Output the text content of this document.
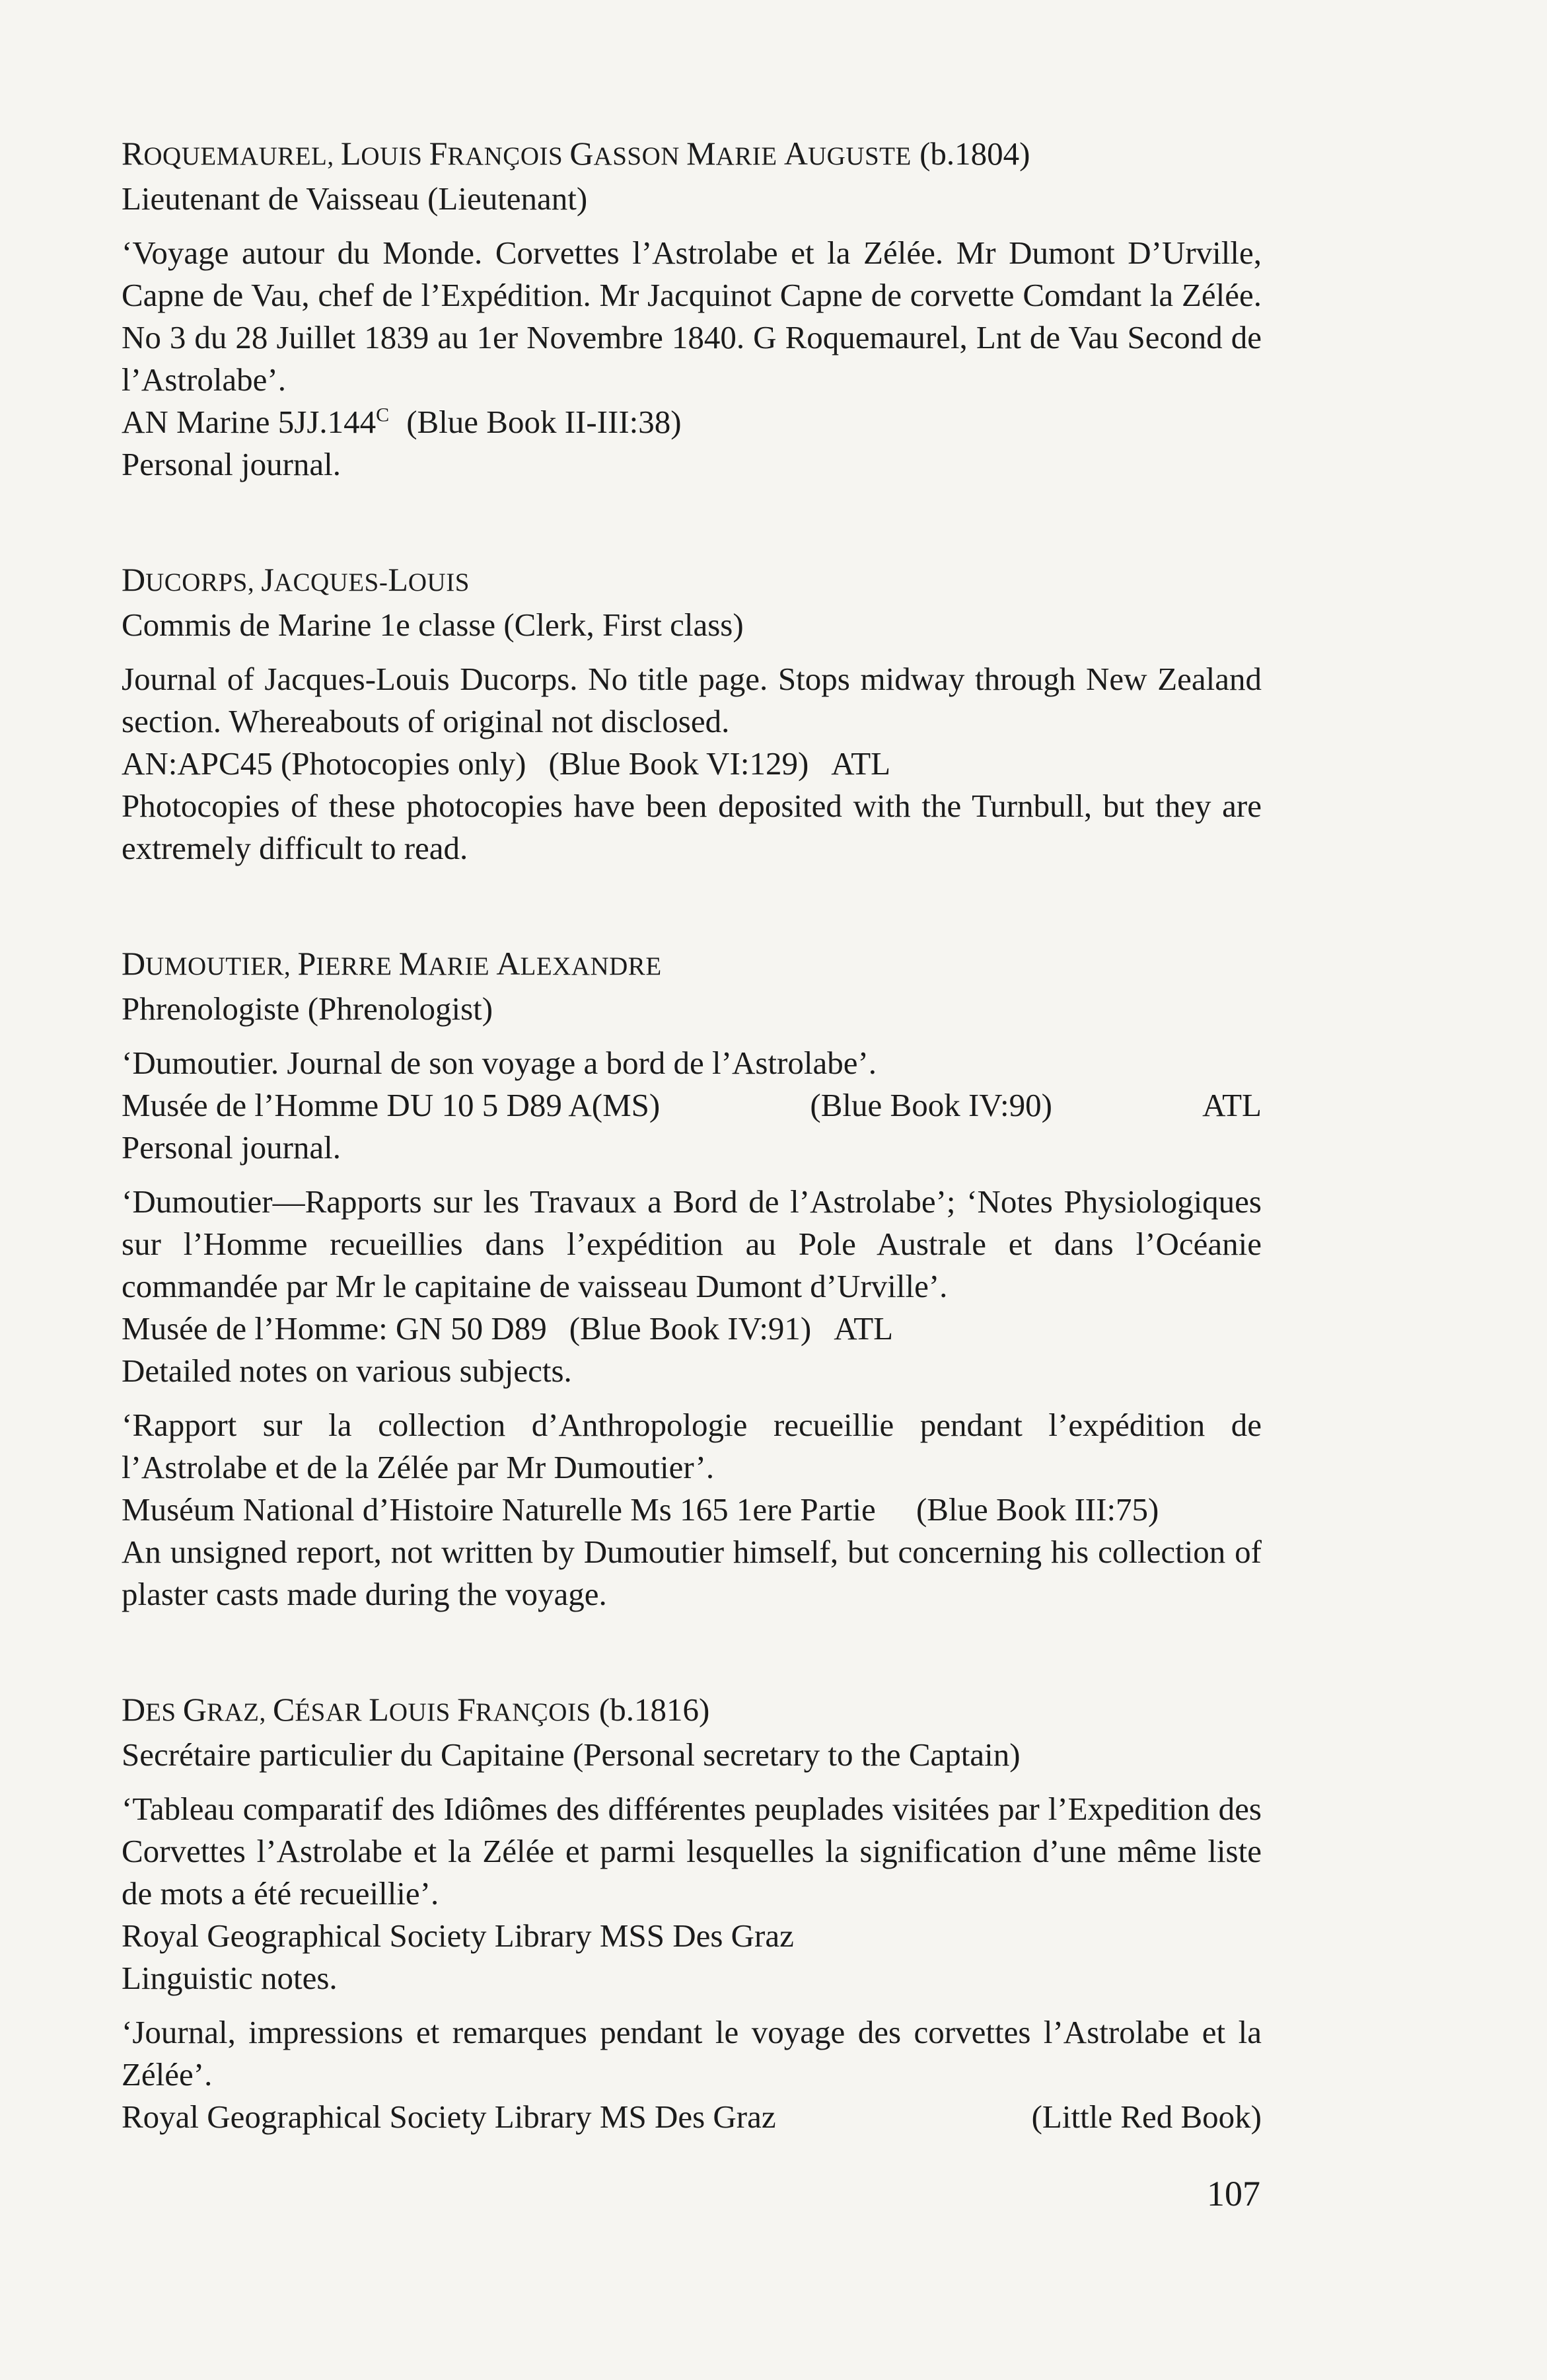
ROQUEMAUREL, LOUIS FRANÇOIS GASSON MARIE AUGUSTE (b.1804)
Lieutenant de Vaisseau (Lieutenant)
‘Voyage autour du Monde. Corvettes l’Astrolabe et la Zélée. Mr Dumont D’Urville, Capne de Vau, chef de l’Expédition. Mr Jacquinot Capne de corvette Comdant la Zélée. No 3 du 28 Juillet 1839 au 1er Novembre 1840. G Roquemaurel, Lnt de Vau Second de l’Astrolabe’.
AN Marine $5JJ.144^C$ (Blue Book II-III:38)
Personal journal.
DUCORPS, JACQUES-LOUIS
Commis de Marine 1e classe (Clerk, First class)
Journal of Jacques-Louis Ducorps. No title page. Stops midway through New Zealand section. Whereabouts of original not disclosed.
AN:APC45 (Photocopies only) (Blue Book VI:129) ATL
Photocopies of these photocopies have been deposited with the Turnbull, but they are extremely difficult to read.
DUMOUTIER, PIERRE MARIE ALEXANDRE
Phrenologiste (Phrenologist)
‘Dumoutier. Journal de son voyage a bord de l’Astrolabe’.
Musée de l’Homme DU 10 5 D89 A(MS)	(Blue Book IV:90)	ATL
Personal journal.
‘Dumoutier—Rapports sur les Travaux a Bord de l’Astrolabe’; ‘Notes Physiologiques sur l’Homme recueillies dans l’expédition au Pole Australe et dans l’Océanie commandée par Mr le capitaine de vaisseau Dumont d’Urville’.
Musée de l’Homme: GN 50 D89 (Blue Book IV:91) ATL
Detailed notes on various subjects.
‘Rapport sur la collection d’Anthropologie recueillie pendant l’expédition de l’Astrolabe et de la Zélée par Mr Dumoutier’.
Muséum National d’Histoire Naturelle Ms 165 1ere Partie     (Blue Book III:75)
An unsigned report, not written by Dumoutier himself, but concerning his collection of plaster casts made during the voyage.
DES GRAZ, CÉSAR LOUIS FRANÇOIS (b.1816)
Secrétaire particulier du Capitaine (Personal secretary to the Captain)
‘Tableau comparatif des Idiômes des différentes peuplades visitées par l’Expedition des Corvettes l’Astrolabe et la Zélée et parmi lesquelles la signification d’une même liste de mots a été recueillie’.
Royal Geographical Society Library MSS Des Graz
Linguistic notes.
‘Journal, impressions et remarques pendant le voyage des corvettes l’Astrolabe et la Zélée’.
Royal Geographical Society Library MS Des Graz	(Little Red Book)
107
